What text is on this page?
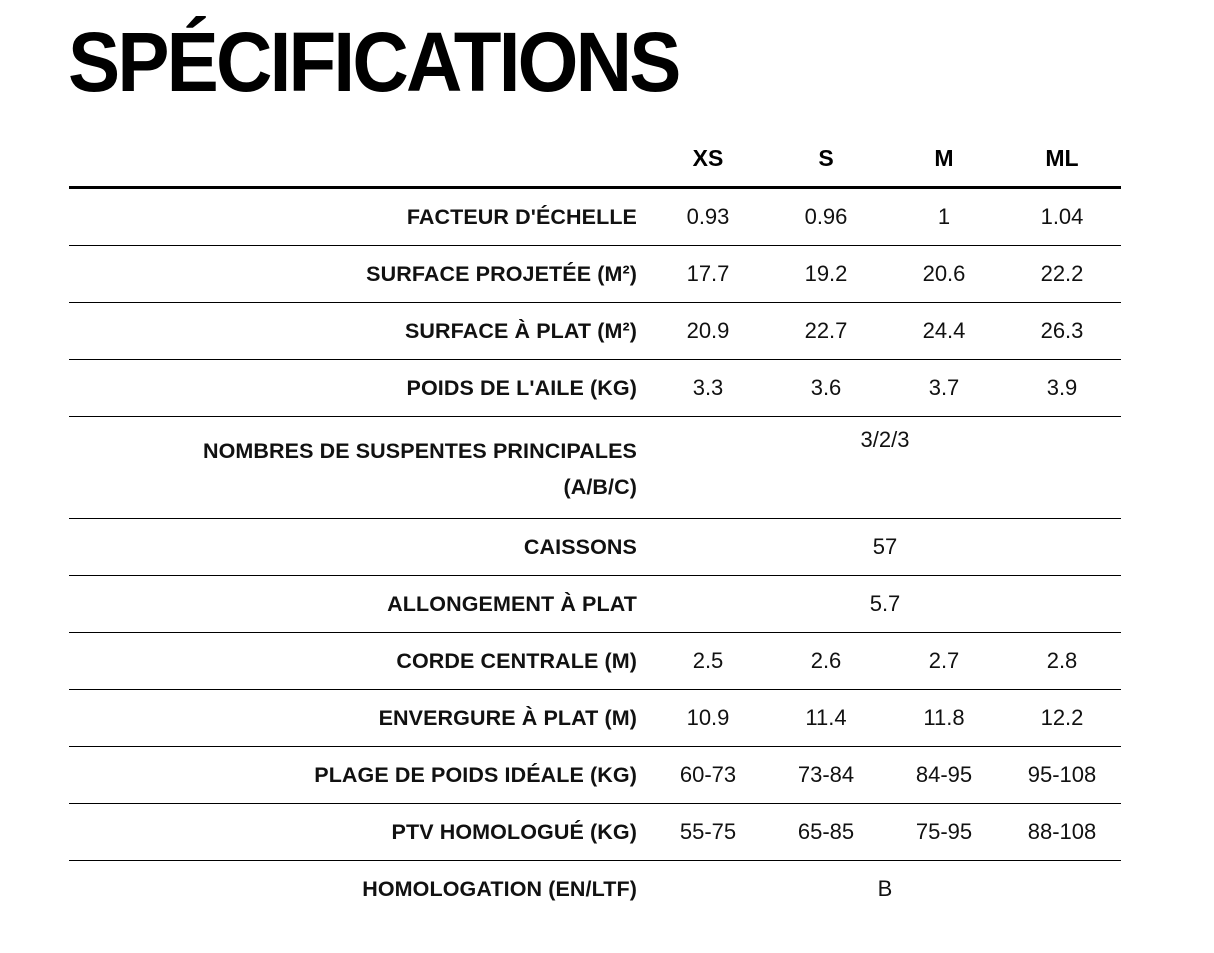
SPÉCIFICATIONS
	XS	S	M	ML
FACTEUR D'ÉCHELLE	0.93	0.96	1	1.04
SURFACE PROJETÉE (M²)	17.7	19.2	20.6	22.2
SURFACE À PLAT (M²)	20.9	22.7	24.4	26.3
POIDS DE L'AILE (KG)	3.3	3.6	3.7	3.9
NOMBRES DE SUSPENTES PRINCIPALES
(A/B/C)	3/2/3			
CAISSONS	57			
ALLONGEMENT À PLAT	5.7			
CORDE CENTRALE (M)	2.5	2.6	2.7	2.8
ENVERGURE À PLAT (M)	10.9	11.4	11.8	12.2
PLAGE DE POIDS IDÉALE (KG)	60-73	73-84	84-95	95-108
PTV HOMOLOGUÉ (KG)	55-75	65-85	75-95	88-108
HOMOLOGATION (EN/LTF)	B			
